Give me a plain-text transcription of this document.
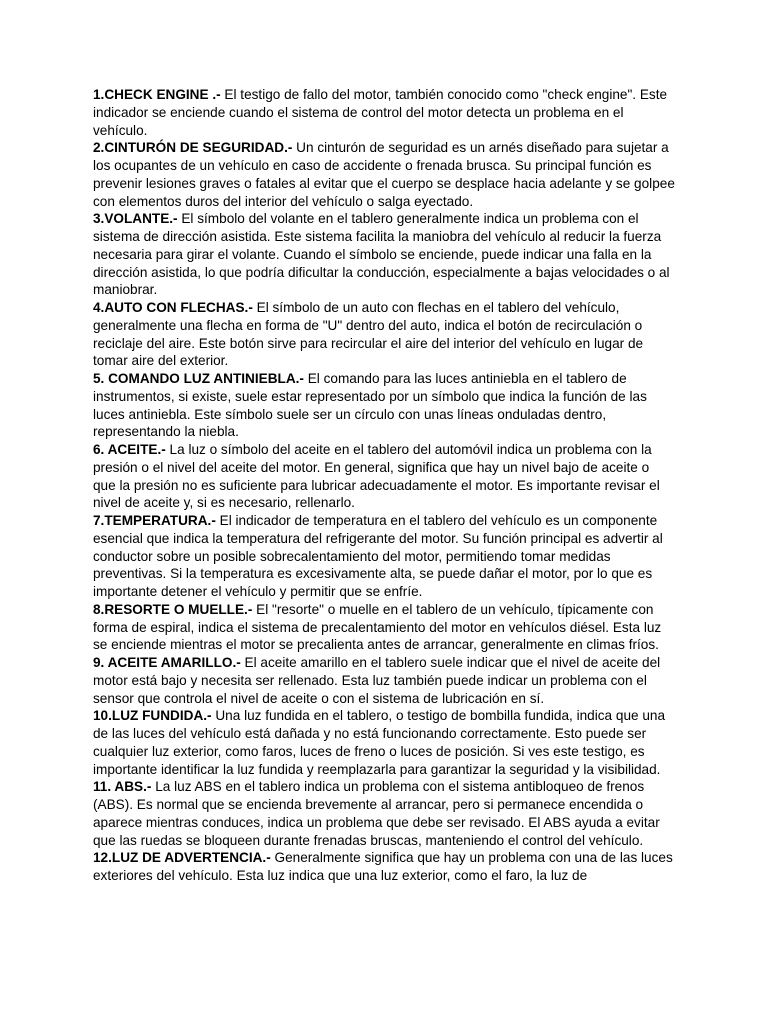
1.CHECK ENGINE .- El testigo de fallo del motor, también conocido como "check engine". Este indicador se enciende cuando el sistema de control del motor detecta un problema en el vehículo.

2.CINTURÓN DE SEGURIDAD.- Un cinturón de seguridad es un arnés diseñado para sujetar a los ocupantes de un vehículo en caso de accidente o frenada brusca. Su principal función es prevenir lesiones graves o fatales al evitar que el cuerpo se desplace hacia adelante y se golpee con elementos duros del interior del vehículo o salga eyectado.

3.VOLANTE.- El símbolo del volante en el tablero generalmente indica un problema con el sistema de dirección asistida. Este sistema facilita la maniobra del vehículo al reducir la fuerza necesaria para girar el volante. Cuando el símbolo se enciende, puede indicar una falla en la dirección asistida, lo que podría dificultar la conducción, especialmente a bajas velocidades o al maniobrar.

4.AUTO CON FLECHAS.- El símbolo de un auto con flechas en el tablero del vehículo, generalmente una flecha en forma de "U" dentro del auto, indica el botón de recirculación o reciclaje del aire. Este botón sirve para recircular el aire del interior del vehículo en lugar de tomar aire del exterior.

5. COMANDO LUZ ANTINIEBLA.- El comando para las luces antiniebla en el tablero de instrumentos, si existe, suele estar representado por un símbolo que indica la función de las luces antiniebla. Este símbolo suele ser un círculo con unas líneas onduladas dentro, representando la niebla.

6. ACEITE.- La luz o símbolo del aceite en el tablero del automóvil indica un problema con la presión o el nivel del aceite del motor. En general, significa que hay un nivel bajo de aceite o que la presión no es suficiente para lubricar adecuadamente el motor. Es importante revisar el nivel de aceite y, si es necesario, rellenarlo.

7.TEMPERATURA.- El indicador de temperatura en el tablero del vehículo es un componente esencial que indica la temperatura del refrigerante del motor. Su función principal es advertir al conductor sobre un posible sobrecalentamiento del motor, permitiendo tomar medidas preventivas. Si la temperatura es excesivamente alta, se puede dañar el motor, por lo que es importante detener el vehículo y permitir que se enfríe.

8.RESORTE O MUELLE.- El "resorte" o muelle en el tablero de un vehículo, típicamente con forma de espiral, indica el sistema de precalentamiento del motor en vehículos diésel. Esta luz se enciende mientras el motor se precalienta antes de arrancar, generalmente en climas fríos.

9. ACEITE AMARILLO.- El aceite amarillo en el tablero suele indicar que el nivel de aceite del motor está bajo y necesita ser rellenado. Esta luz también puede indicar un problema con el sensor que controla el nivel de aceite o con el sistema de lubricación en sí.

10.LUZ FUNDIDA.- Una luz fundida en el tablero, o testigo de bombilla fundida, indica que una de las luces del vehículo está dañada y no está funcionando correctamente. Esto puede ser cualquier luz exterior, como faros, luces de freno o luces de posición. Si ves este testigo, es importante identificar la luz fundida y reemplazarla para garantizar la seguridad y la visibilidad.

11. ABS.- La luz ABS en el tablero indica un problema con el sistema antibloqueo de frenos (ABS). Es normal que se encienda brevemente al arrancar, pero si permanece encendida o aparece mientras conduces, indica un problema que debe ser revisado. El ABS ayuda a evitar que las ruedas se bloqueen durante frenadas bruscas, manteniendo el control del vehículo.

12.LUZ DE ADVERTENCIA.- Generalmente significa que hay un problema con una de las luces exteriores del vehículo. Esta luz indica que una luz exterior, como el faro, la luz de
